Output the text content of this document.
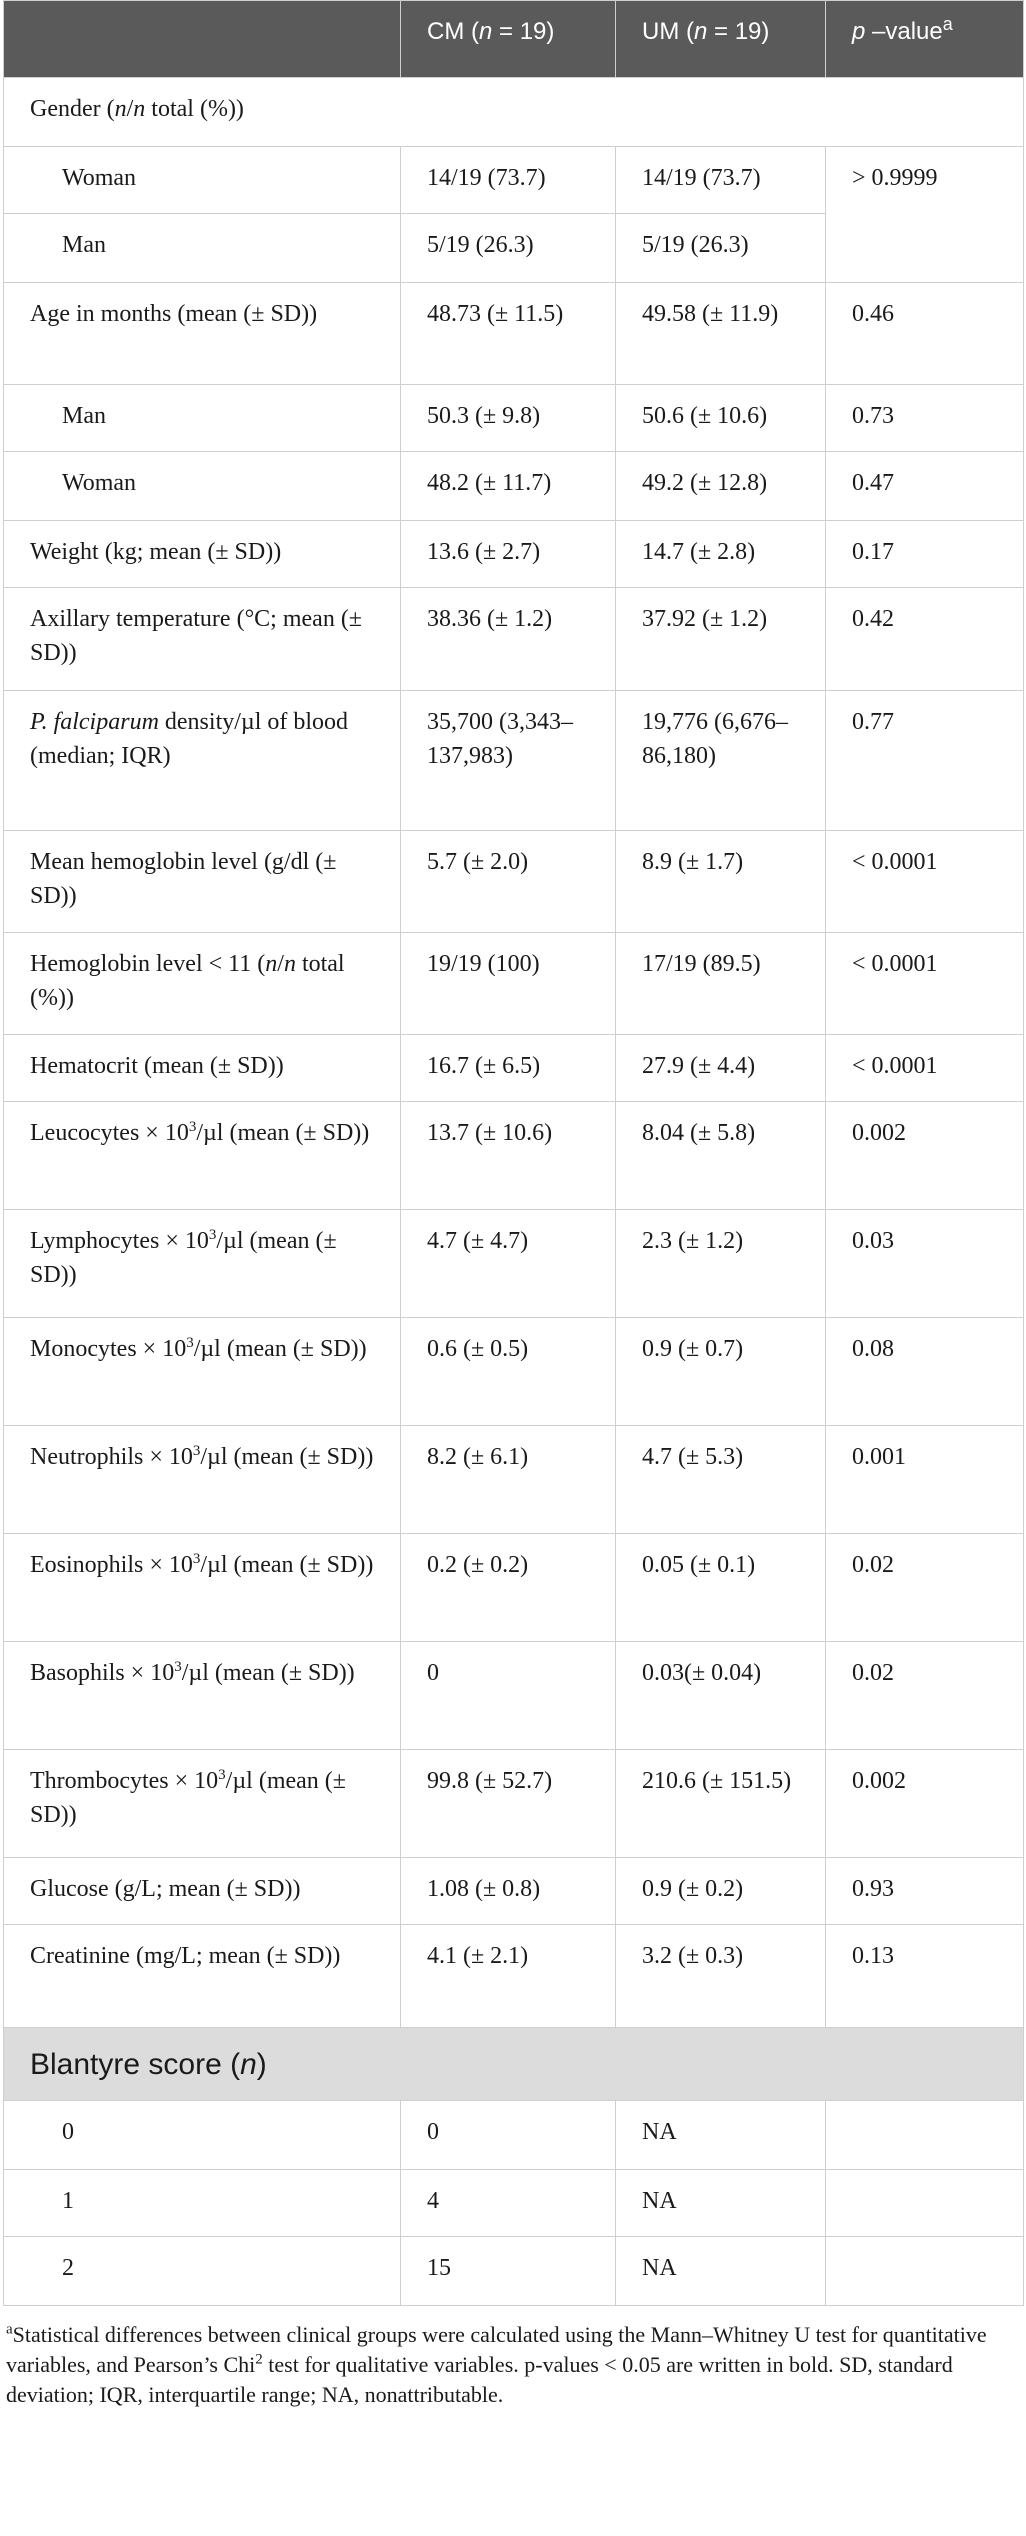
	CM (n = 19)	UM (n = 19)	p –value$^a$
Gender (n/n total (%))			
Woman	14/19 (73.7)	14/19 (73.7)	> 0.9999
Man	5/19 (26.3)	5/19 (26.3)	
Age in months (mean (± SD))	48.73 (± 11.5)	49.58 (± 11.9)	0.46
Man	50.3 (± 9.8)	50.6 (± 10.6)	0.73
Woman	48.2 (± 11.7)	49.2 (± 12.8)	0.47
Weight (kg; mean (± SD))	13.6 (± 2.7)	14.7 (± 2.8)	0.17
Axillary temperature (°C; mean (± SD))	38.36 (± 1.2)	37.92 (± 1.2)	0.42
P. falciparum density/µl of blood (median; IQR)	35,700 (3,343– 137,983)	19,776 (6,676– 86,180)	0.77
Mean hemoglobin level (g/dl (± SD))	5.7 (± 2.0)	8.9 (± 1.7)	< 0.0001
Hemoglobin level < 11 (n/n total (%))	19/19 (100)	17/19 (89.5)	< 0.0001
Hematocrit (mean (± SD))	16.7 (± 6.5)	27.9 (± 4.4)	< 0.0001
Leucocytes × $10^3/\mu l$ (mean (± SD))	13.7 (± 10.6)	8.04 (± 5.8)	0.002
Lymphocytes × $10^3/\mu l$ (mean (± SD))	4.7 (± 4.7)	2.3 (± 1.2)	0.03
Monocytes × $10^3/\mu l$ (mean (± SD))	0.6 (± 0.5)	0.9 (± 0.7)	0.08
Neutrophils × $10^3/\mu l$ (mean (± SD))	8.2 (± 6.1)	4.7 (± 5.3)	0.001
Eosinophils × $10^3/\mu l$ (mean (± SD))	0.2 (± 0.2)	0.05 (± 0.1)	0.02
Basophils × $10^3/\mu l$ (mean (± SD))	0	0.03(± 0.04)	0.02
Thrombocytes × $10^3/\mu l$ (mean (± SD))	99.8 (± 52.7)	210.6 (± 151.5)	0.002
Glucose (g/L; mean (± SD))	1.08 (± 0.8)	0.9 (± 0.2)	0.93
Creatinine (mg/L; mean (± SD))	4.1 (± 2.1)	3.2 (± 0.3)	0.13
Blantyre score (n)			
0	0	NA	
1	4	NA	
2	15	NA	
$^a$Statistical differences between clinical groups were calculated using the Mann–Whitney U test for quantitative variables, and Pearson’s Chi$^2$ test for qualitative variables. p-values < 0.05 are written in bold. SD, standard deviation; IQR, interquartile range; NA, nonattributable.
